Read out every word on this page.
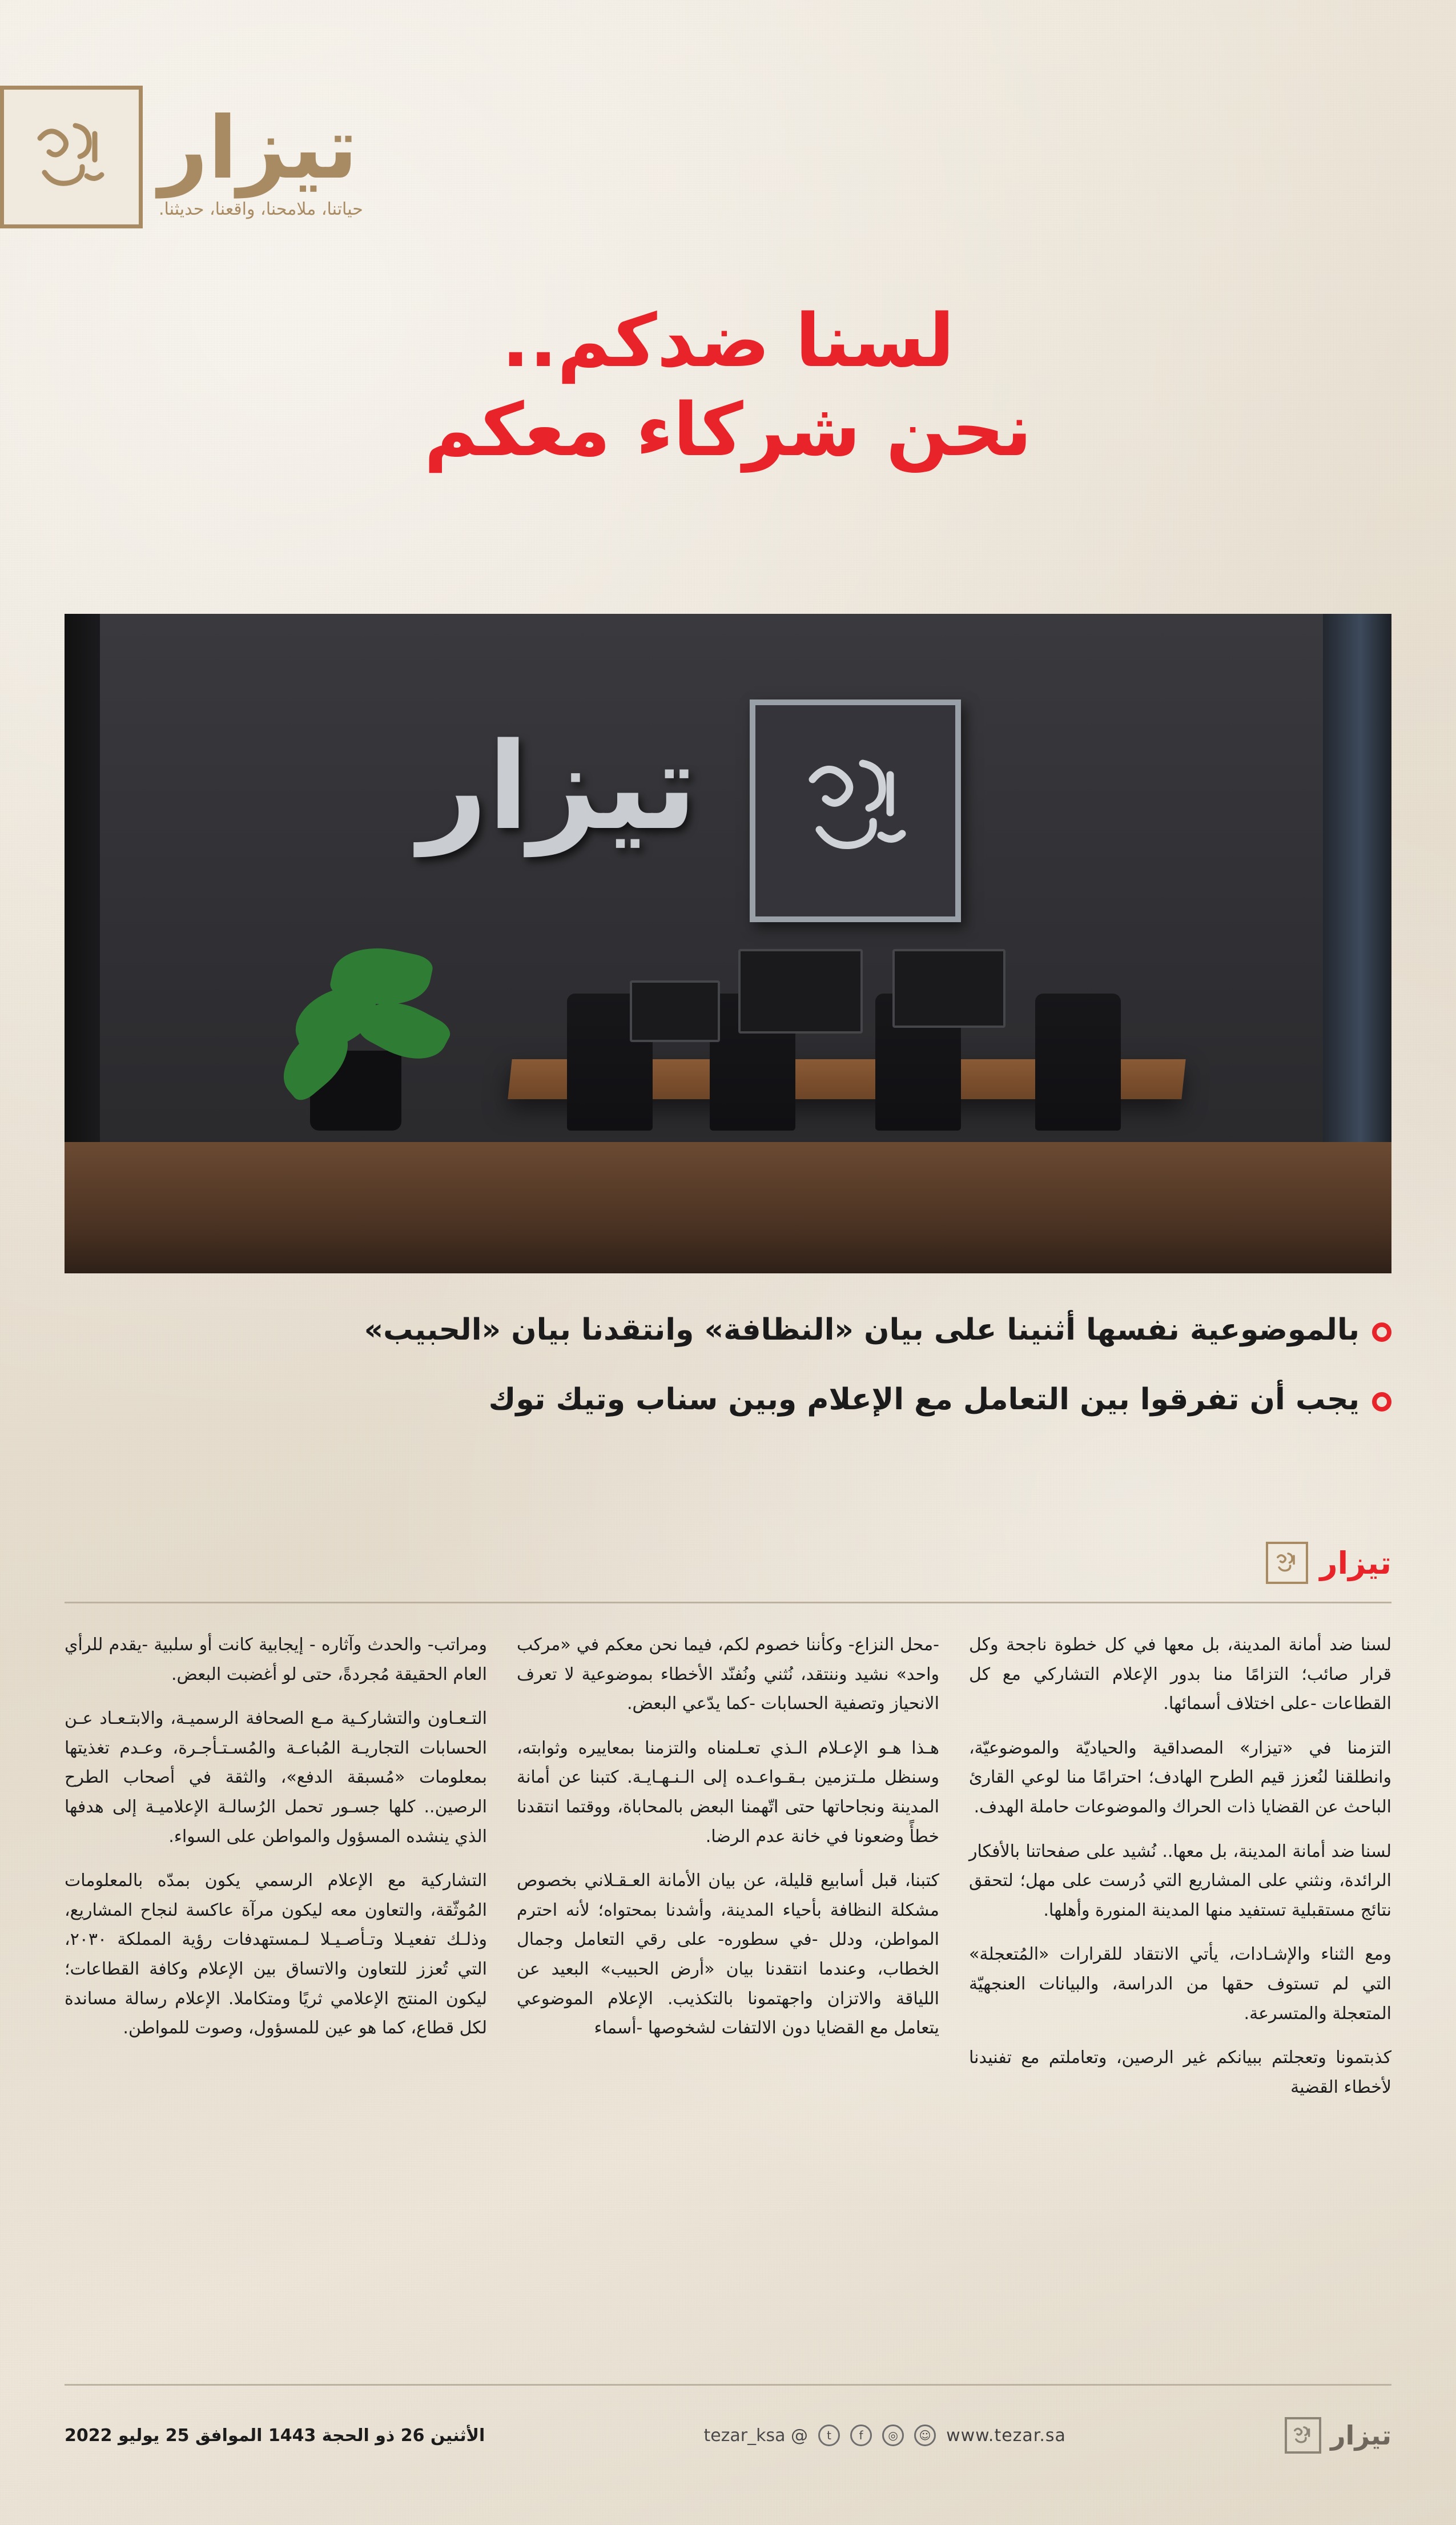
تيزار
حياتنا، ملامحنا، واقعنا، حديثنا.
لسنا ضدكم..
نحن شركاء معكم
تيزار
بالموضوعية نفسها أثنينا على بيان «النظافة» وانتقدنا بيان «الحبيب»
يجب أن تفرقوا بين التعامل مع الإعلام وبين سناب وتيك توك
تيزار

لسنا ضد أمانة المدينة، بل معها في كل خطوة ناجحة وكل قرار صائب؛ التزامًا منا بدور الإعلام التشاركي مع كل القطاعات -على اختلاف أسمائها.

التزمنا في «تيزار» المصداقية والحياديّة والموضوعيّة، وانطلقنا لنُعزز قيم الطرح الهادف؛ احترامًا منا لوعي القارئ الباحث عن القضايا ذات الحراك والموضوعات حاملة الهدف.

لسنا ضد أمانة المدينة، بل معها.. نُشيد على صفحاتنا بالأفكار الرائدة، ونثني على المشاريع التي دُرست على مهل؛ لتحقق نتائج مستقبلية تستفيد منها المدينة المنورة وأهلها.

ومع الثناء والإشـادات، يأتي الانتقاد للقرارات «المُتعجلة» التي لم تستوف حقها من الدراسة، والبيانات العنجهيّة المتعجلة والمتسرعة.

كذبتمونا وتعجلتم ببيانكم غير الرصين، وتعاملتم مع تفنيدنا لأخطاء القضية

-محل النزاع- وكأننا خصوم لكم، فيما نحن معكم في «مركب واحد» نشيد وننتقد، نُثني ونُفنّد الأخطاء بموضوعية لا تعرف الانحياز وتصفية الحسابات -كما يدّعي البعض.

هـذا هـو الإعـلام الـذي تعـلمناه والتزمنا بمعاييره وثوابته، وسنظل ملـتزمين بـقـواعـده إلى الـنـهـايـة. كتبنا عن أمانة المدينة ونجاحاتها حتى اتّهمنا البعض بالمحاباة، ووقتما انتقدنا خطأً وضعونا في خانة عدم الرضا.

كتبنا، قبل أسابيع قليلة، عن بيان الأمانة العـقـلاني بخصوص مشكلة النظافة بأحياء المدينة، وأشدنا بمحتواه؛ لأنه احترم المواطن، ودلل -في سطوره- على رقي التعامل وجمال الخطاب، وعندما انتقدنا بيان «أرض الحبيب» البعيد عن اللياقة والاتزان واجهتمونا بالتكذيب. الإعلام الموضوعي يتعامل مع القضايا دون الالتفات لشخوصها -أسماء

ومراتب- والحدث وآثاره - إيجابية كانت أو سلبية -يقدم للرأي العام الحقيقة مُجردةً، حتى لو أغضبت البعض.

التـعـاون والتشاركـية مـع الصحافة الرسميـة، والابتـعـاد عـن الحسابات التجاريـة المُباعـة والمُسـتـأجـرة، وعـدم تغذيتها بمعلومات «مُسبقة الدفع»، والثقة في أصحاب الطرح الرصين.. كلها جسـور تحمل الرُسالـة الإعلاميـة إلى هدفها الذي ينشده المسؤول والمواطن على السواء.

التشاركية مع الإعلام الرسمي يكون بمدّه بالمعلومات المُوثّقة، والتعاون معه ليكون مرآة عاكسة لنجاح المشاريع، وذلـك تفعيـلا وتـأصـيـلا لـمستهدفات رؤية المملكة ٢٠٣٠، التي تُعزز للتعاون والاتساق بين الإعلام وكافة القطاعات؛ ليكون المنتج الإعلامي ثريًا ومتكاملا. الإعلام رسالة مساندة لكل قطاع، كما هو عين للمسؤول، وصوت للمواطن.

الأثنين 26 ذو الحجة 1443 الموافق 25 يوليو 2022	@ tezar_ksa	t	f	◎	☺ www.tezar.sa	تيزار
